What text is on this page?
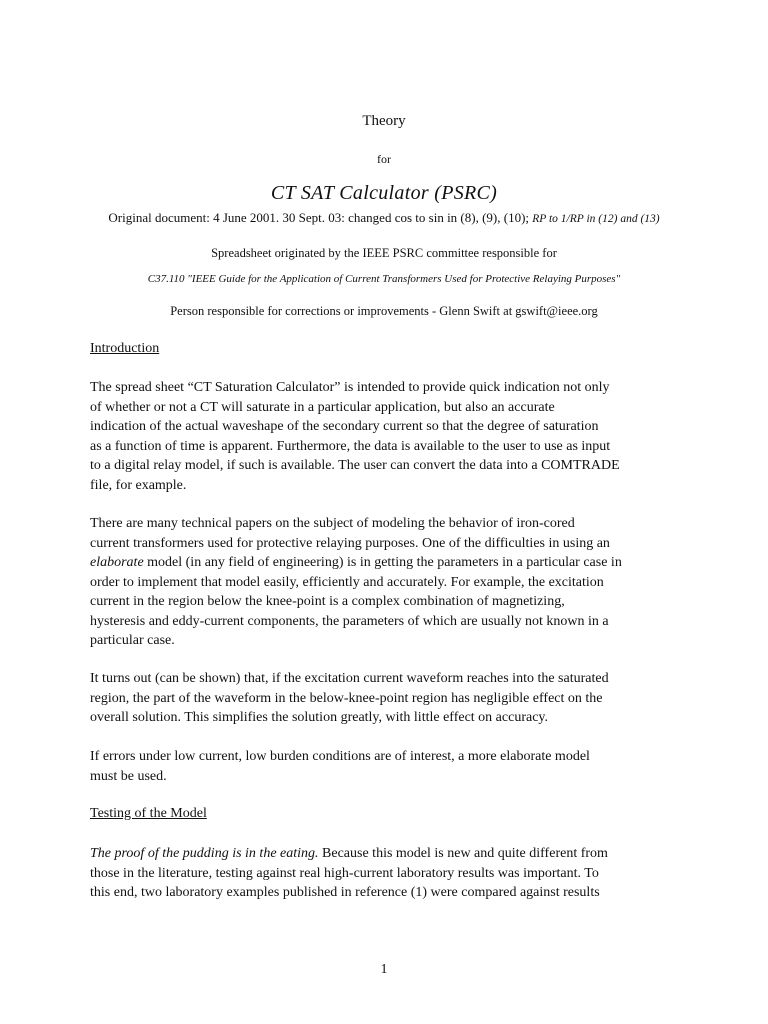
Theory
for
CT SAT Calculator (PSRC)
Original document: 4 June 2001. 30 Sept. 03: changed cos to sin in (8), (9), (10); RP to 1/RP in (12) and (13)
Spreadsheet originated by the IEEE PSRC committee responsible for
C37.110 "IEEE Guide for the Application of Current Transformers Used for Protective Relaying Purposes"
Person responsible for corrections or improvements - Glenn Swift at gswift@ieee.org
Introduction
The spread sheet “CT Saturation Calculator” is intended to provide quick indication not only
of whether or not a CT will saturate in a particular application, but also an accurate
indication of the actual waveshape of the secondary current so that the degree of saturation
as a function of time is apparent. Furthermore, the data is available to the user to use as input
to a digital relay model, if such is available. The user can convert the data into a COMTRADE
file, for example.
There are many technical papers on the subject of modeling the behavior of iron-cored
current transformers used for protective relaying purposes. One of the difficulties in using an
elaborate model (in any field of engineering) is in getting the parameters in a particular case in
order to implement that model easily, efficiently and accurately. For example, the excitation
current in the region below the knee-point is a complex combination of magnetizing,
hysteresis and eddy-current components, the parameters of which are usually not known in a
particular case.
It turns out (can be shown) that, if the excitation current waveform reaches into the saturated
region, the part of the waveform in the below-knee-point region has negligible effect on the
overall solution. This simplifies the solution greatly, with little effect on accuracy.
If errors under low current, low burden conditions are of interest, a more elaborate model
must be used.
Testing of the Model
The proof of the pudding is in the eating. Because this model is new and quite different from
those in the literature, testing against real high-current laboratory results was important. To
this end, two laboratory examples published in reference (1) were compared against results
1
